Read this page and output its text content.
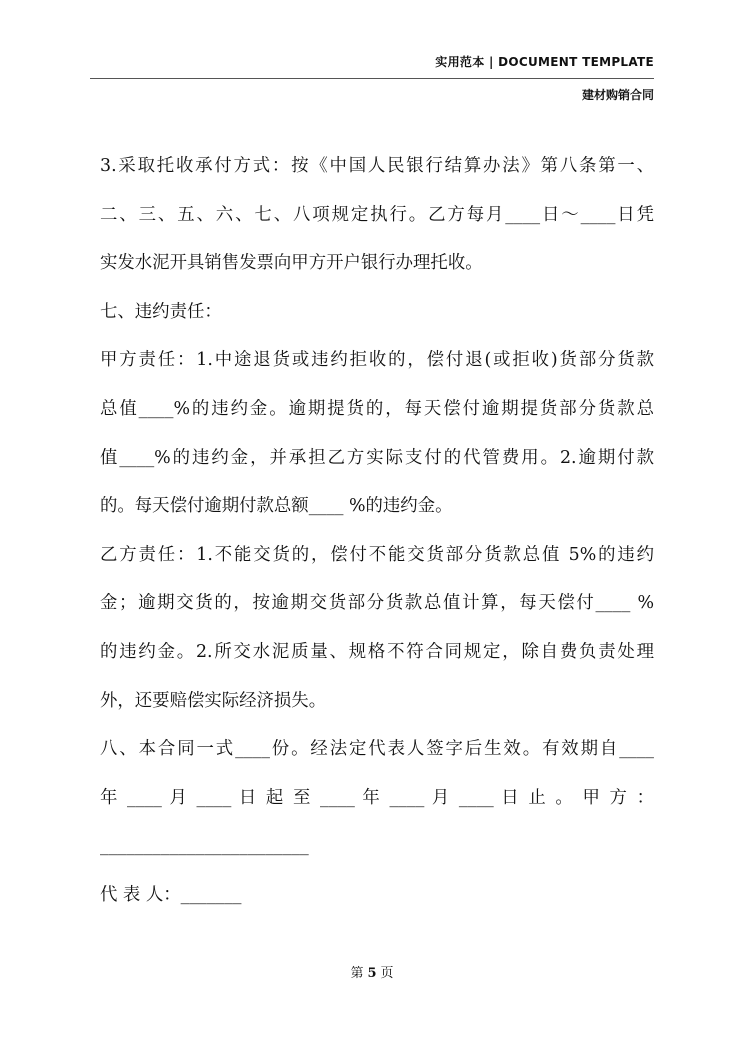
实用范本 | DOCUMENT TEMPLATE
建材购销合同

3.采取托收承付方式：按《中国人民银行结算办法》第八条第一、

二、三、五、六、七、八项规定执行。乙方每月____日～____日凭

实发水泥开具销售发票向甲方开户银行办理托收。

七、违约责任：

甲方责任：1.中途退货或违约拒收的，偿付退(或拒收)货部分货款

总值____%的违约金。逾期提货的，每天偿付逾期提货部分货款总

值____%的违约金，并承担乙方实际支付的代管费用。2.逾期付款

的。每天偿付逾期付款总额____ %的违约金。

乙方责任：1.不能交货的，偿付不能交货部分货款总值 5%的违约

金；逾期交货的，按逾期交货部分货款总值计算，每天偿付____ %

的违约金。2.所交水泥质量、规格不符合同规定，除自费负责处理

外，还要赔偿实际经济损失。

八、本合同一式____份。经法定代表人签字后生效。有效期自____

年 ____ 月 ____ 日 起 至 ____ 年 ____ 月 ____ 日 止 。 甲 方 ：

________________________

代 表 人：_______

第 5 页
